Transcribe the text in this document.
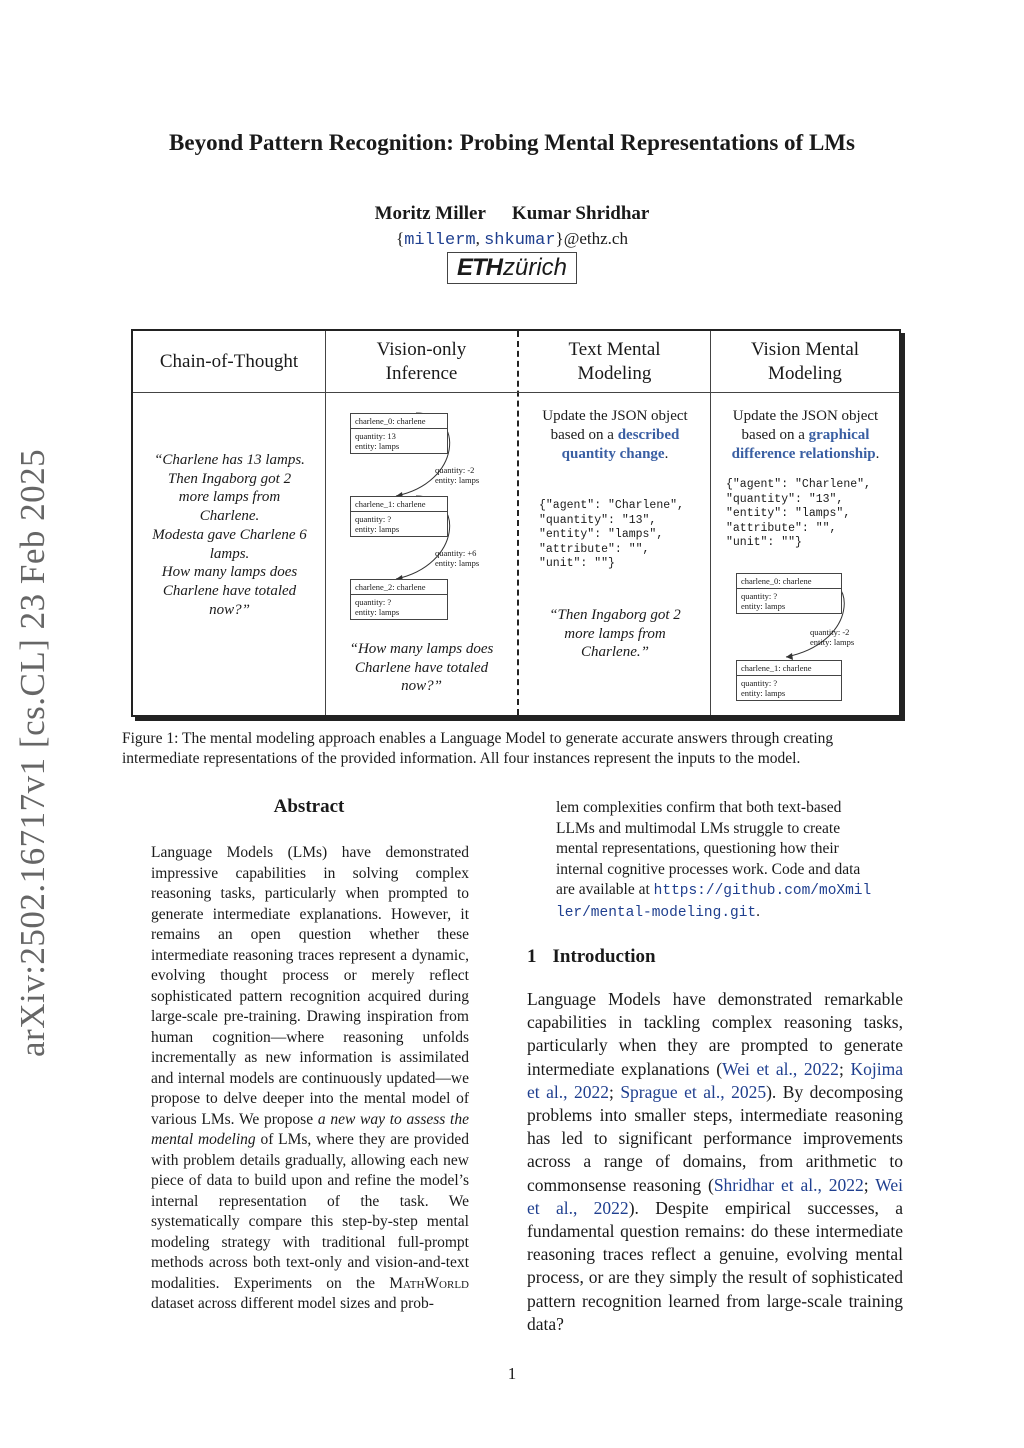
arXiv:2502.16717v1 [cs.CL] 23 Feb 2025
Beyond Pattern Recognition: Probing Mental Representations of LMs
Moritz Miller Kumar Shridhar
{millerm, shkumar}@ethz.ch
ETH zürich
Chain-of-Thought
Vision-only
Inference
Text Mental
Modeling
Vision Mental
Modeling
“Charlene has 13 lamps.
Then Ingaborg got 2
more lamps from
Charlene.
Modesta gave Charlene 6
lamps.
How many lamps does
Charlene have totaled
now?”
charlene_0: charlene
quantity: 13
entity: lamps
quantity: -2
entity: lamps
charlene_1: charlene
quantity: ?
entity: lamps
quantity: +6
entity: lamps
charlene_2: charlene
quantity: ?
entity: lamps
“How many lamps does
Charlene have totaled
now?”
Update the JSON object
based on a described quantity change.
{"agent": "Charlene",
"quantity": "13",
"entity": "lamps",
"attribute": "",
"unit": ""}
“Then Ingaborg got 2
more lamps from
Charlene.”
Update the JSON object
based on a graphical difference relationship.
{"agent": "Charlene",
"quantity": "13",
"entity": "lamps",
"attribute": "",
"unit": ""}
charlene_0: charlene
quantity: ?
entity: lamps
quantity: -2
entity: lamps
charlene_1: charlene
quantity: ?
entity: lamps
Figure 1: The mental modeling approach enables a Language Model to generate accurate answers through creating intermediate representations of the provided information. All four instances represent the inputs to the model.
Abstract
Language Models (LMs) have demonstrated impressive capabilities in solving complex reasoning tasks, particularly when prompted to generate intermediate explanations. However, it remains an open question whether these intermediate reasoning traces represent a dynamic, evolving thought process or merely reflect sophisticated pattern recognition acquired during large-scale pre-training. Drawing inspiration from human cognition—where reasoning unfolds incrementally as new information is assimilated and internal models are continuously updated—we propose to delve deeper into the mental model of various LMs. We propose a new way to assess the mental modeling of LMs, where they are provided with problem details gradually, allowing each new piece of data to build upon and refine the model’s internal representation of the task. We systematically compare this step-by-step mental modeling strategy with traditional full-prompt methods across both text-only and vision-and-text modalities. Experiments on the MathWorld dataset across different model sizes and prob-
lem complexities confirm that both text-based LLMs and multimodal LMs struggle to create mental representations, questioning how their internal cognitive processes work. Code and data are available at https://github.com/moXmiller/mental-modeling.git.
1 Introduction
Language Models have demonstrated remarkable capabilities in tackling complex reasoning tasks, particularly when they are prompted to generate intermediate explanations (Wei et al., 2022; Kojima et al., 2022; Sprague et al., 2025). By decomposing problems into smaller steps, intermediate reasoning has led to significant performance improvements across a range of domains, from arithmetic to commonsense reasoning (Shridhar et al., 2022; Wei et al., 2022). Despite empirical successes, a fundamental question remains: do these intermediate reasoning traces reflect a genuine, evolving mental process, or are they simply the result of sophisticated pattern recognition learned from large-scale training data?
1
